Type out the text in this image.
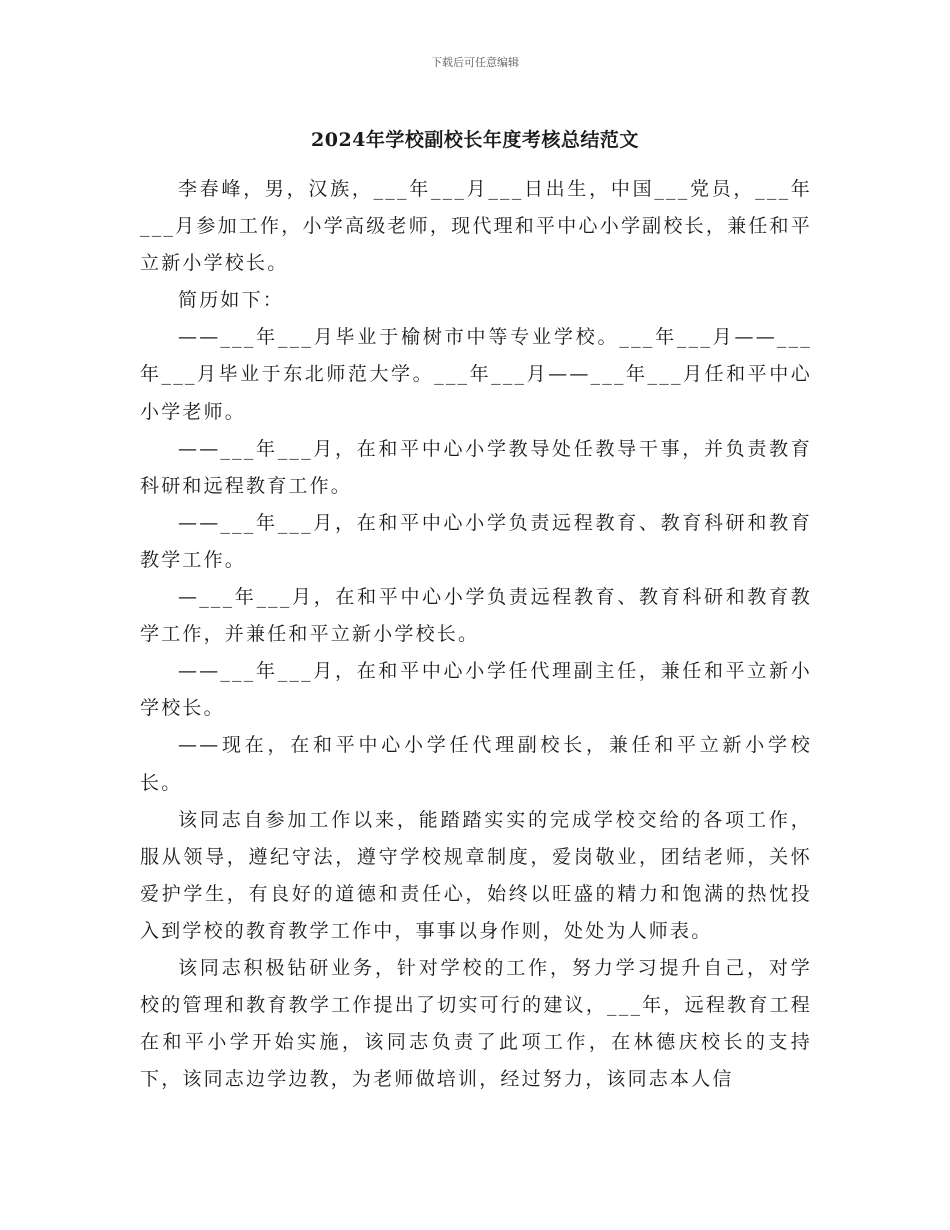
下载后可任意编辑
2024年学校副校长年度考核总结范文

李春峰，男，汉族，___年___月___日出生，中国___党员，___年___月参加工作，小学高级老师，现代理和平中心小学副校长，兼任和平立新小学校长。

简历如下：

——___年___月毕业于榆树市中等专业学校。___年___月——___年___月毕业于东北师范大学。___年___月——___年___月任和平中心小学老师。

——___年___月，在和平中心小学教导处任教导干事，并负责教育科研和远程教育工作。

——___年___月，在和平中心小学负责远程教育、教育科研和教育教学工作。

—___年___月，在和平中心小学负责远程教育、教育科研和教育教学工作，并兼任和平立新小学校长。

——___年___月，在和平中心小学任代理副主任，兼任和平立新小学校长。

——现在，在和平中心小学任代理副校长，兼任和平立新小学校长。

该同志自参加工作以来，能踏踏实实的完成学校交给的各项工作，服从领导，遵纪守法，遵守学校规章制度，爱岗敬业，团结老师，关怀爱护学生，有良好的道德和责任心，始终以旺盛的精力和饱满的热忱投入到学校的教育教学工作中，事事以身作则，处处为人师表。

该同志积极钻研业务，针对学校的工作，努力学习提升自己，对学校的管理和教育教学工作提出了切实可行的建议，___年，远程教育工程在和平小学开始实施，该同志负责了此项工作，在林德庆校长的支持下，该同志边学边教，为老师做培训，经过努力，该同志本人信
